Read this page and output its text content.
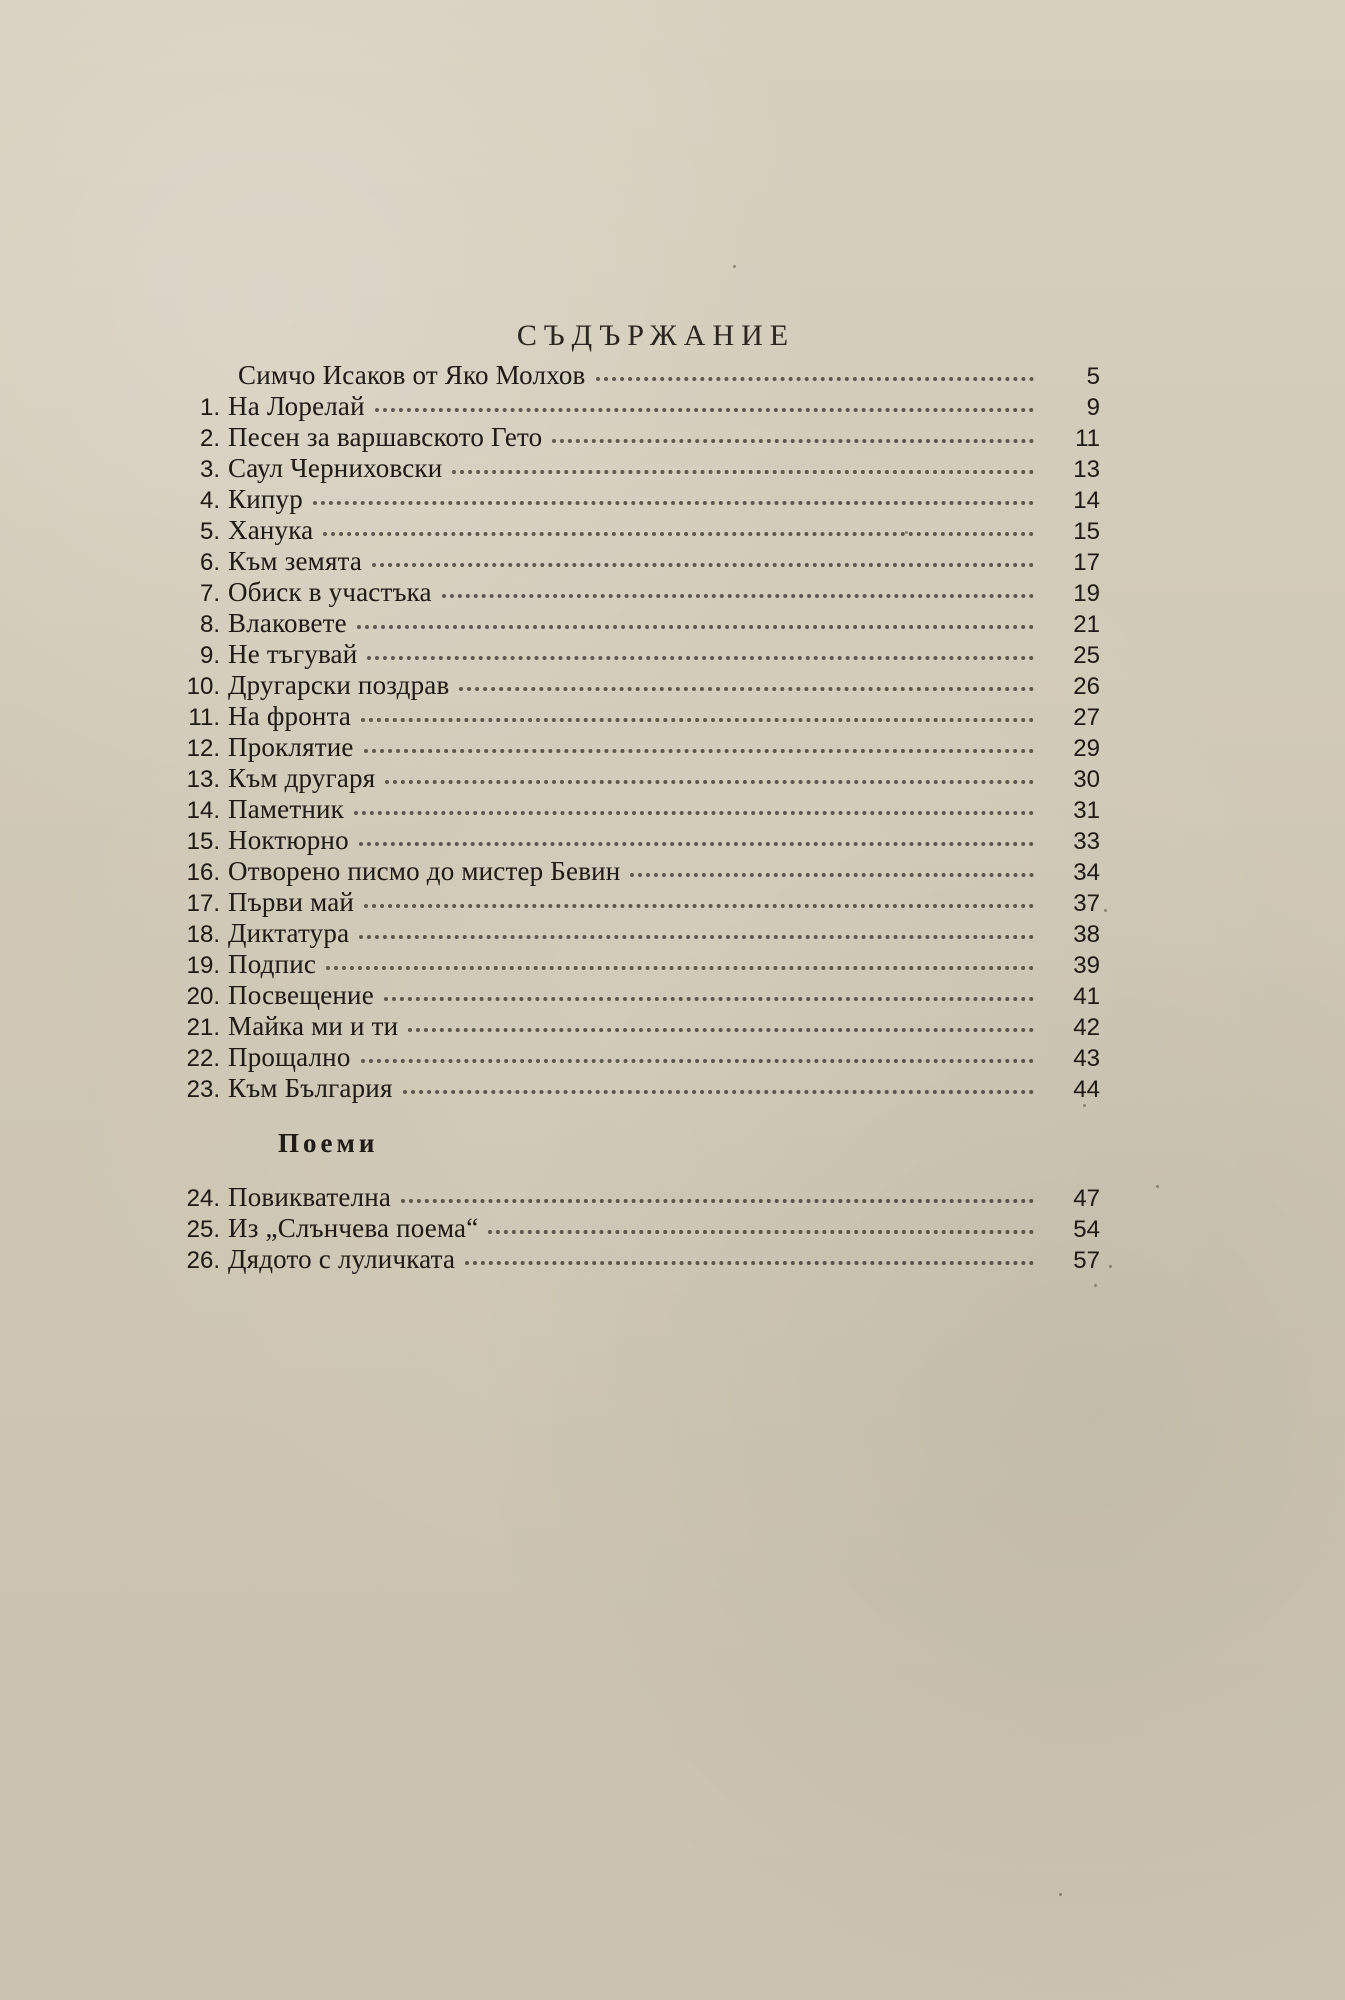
СЪДЪРЖАНИЕ
Симчо Исаков от Яко Молхов	5
1. На Лорелай	9
2. Песен за варшавското Гето	11
3. Саул Черниховски	13
4. Кипур	14
5. Ханука	15
6. Към земята	17
7. Обиск в участъка	19
8. Влаковете	21
9. Не тъгувай	25
10. Другарски поздрав	26
11. На фронта	27
12. Проклятие	29
13. Към другаря	30
14. Паметник	31
15. Ноктюрно	33
16. Отворено писмо до мистер Бевин	34
17. Първи май	37
18. Диктатура	38
19. Подпис	39
20. Посвещение	41
21. Майка ми и ти	42
22. Прощално	43
23. Към България	44
Поеми
24. Повиквателна	47
25. Из „Слънчева поема“	54
26. Дядото с луличката	57
